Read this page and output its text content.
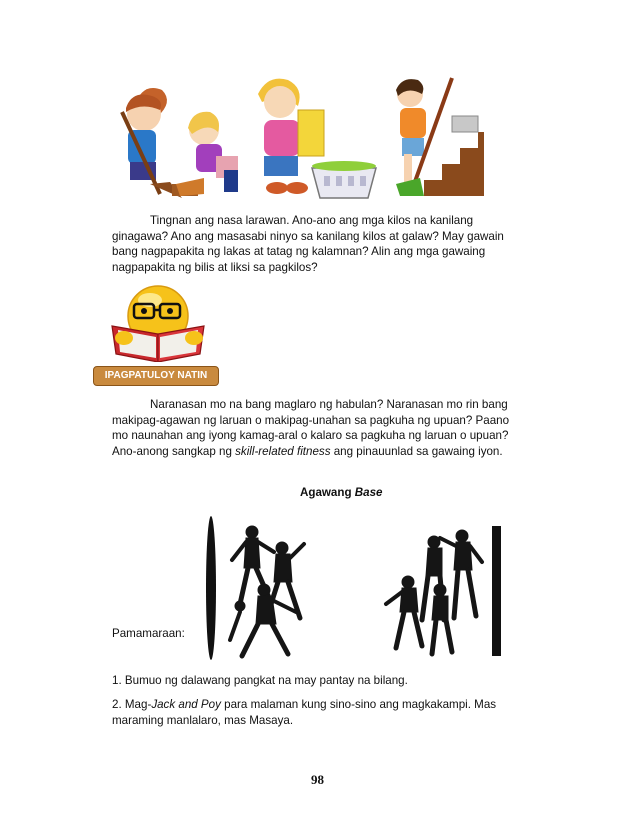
Tingnan ang nasa larawan. Ano-ano ang mga kilos na kanilang ginagawa? Ano ang masasabi ninyo sa kanilang kilos at galaw? May gawain bang nagpapakita ng lakas at tatag ng kalamnan? Alin ang mga gawaing nagpapakita ng bilis at liksi sa pagkilos?

IPAGPATULOY NATIN

Naranasan mo na bang maglaro ng habulan? Naranasan mo rin bang makipag-agawan ng laruan o makipag-unahan sa pagkuha ng upuan? Paano mo naunahan ang iyong kamag-aral o kalaro sa pagkuha ng laruan o upuan? Ano-anong sangkap ng skill-related fitness ang pinauunlad sa gawaing iyon.

Agawang Base
Pamamaraan:

1. Bumuo ng dalawang pangkat na may pantay na bilang.

2. Mag-Jack and Poy para malaman kung sino-sino ang magkakampi. Mas maraming manlalaro, mas Masaya.

98
